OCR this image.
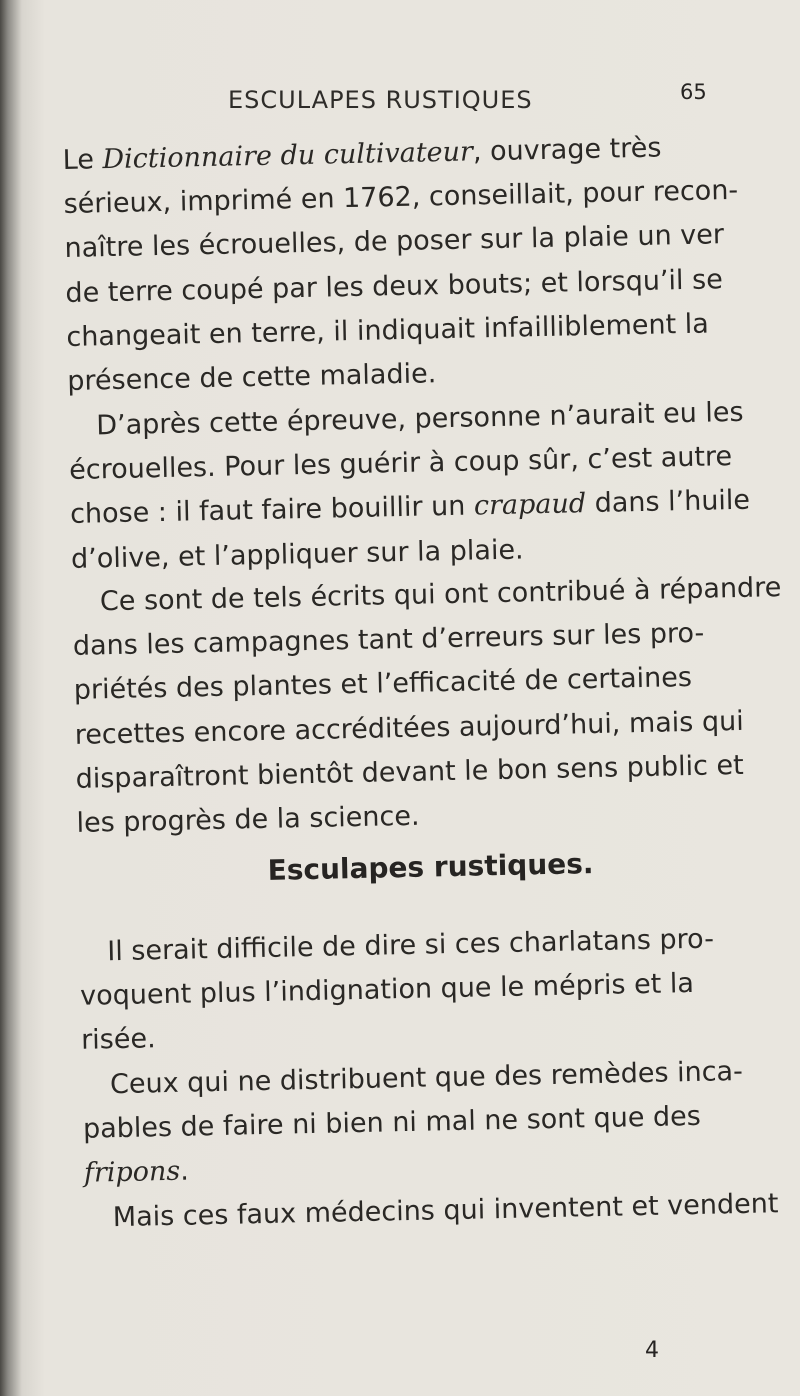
ESCULAPES RUSTIQUES	65
Le Dictionnaire du cultivateur, ouvrage très
sérieux, imprimé en 1762, conseillait, pour recon-
naître les écrouelles, de poser sur la plaie un ver
de terre coupé par les deux bouts; et lorsqu’il se
changeait en terre, il indiquait infailliblement la
présence de cette maladie.
D’après cette épreuve, personne n’aurait eu les
écrouelles. Pour les guérir à coup sûr, c’est autre
chose : il faut faire bouillir un crapaud dans l’huile
d’olive, et l’appliquer sur la plaie.
Ce sont de tels écrits qui ont contribué à répandre
dans les campagnes tant d’erreurs sur les pro-
priétés des plantes et l’efficacité de certaines
recettes encore accréditées aujourd’hui, mais qui
disparaîtront bientôt devant le bon sens public et
les progrès de la science.
Il serait difficile de dire si ces charlatans pro-
voquent plus l’indignation que le mépris et la
risée.
Ceux qui ne distribuent que des remèdes inca-
pables de faire ni bien ni mal ne sont que des
fripons.
Mais ces faux médecins qui inventent et vendent
Esculapes rustiques.
4
